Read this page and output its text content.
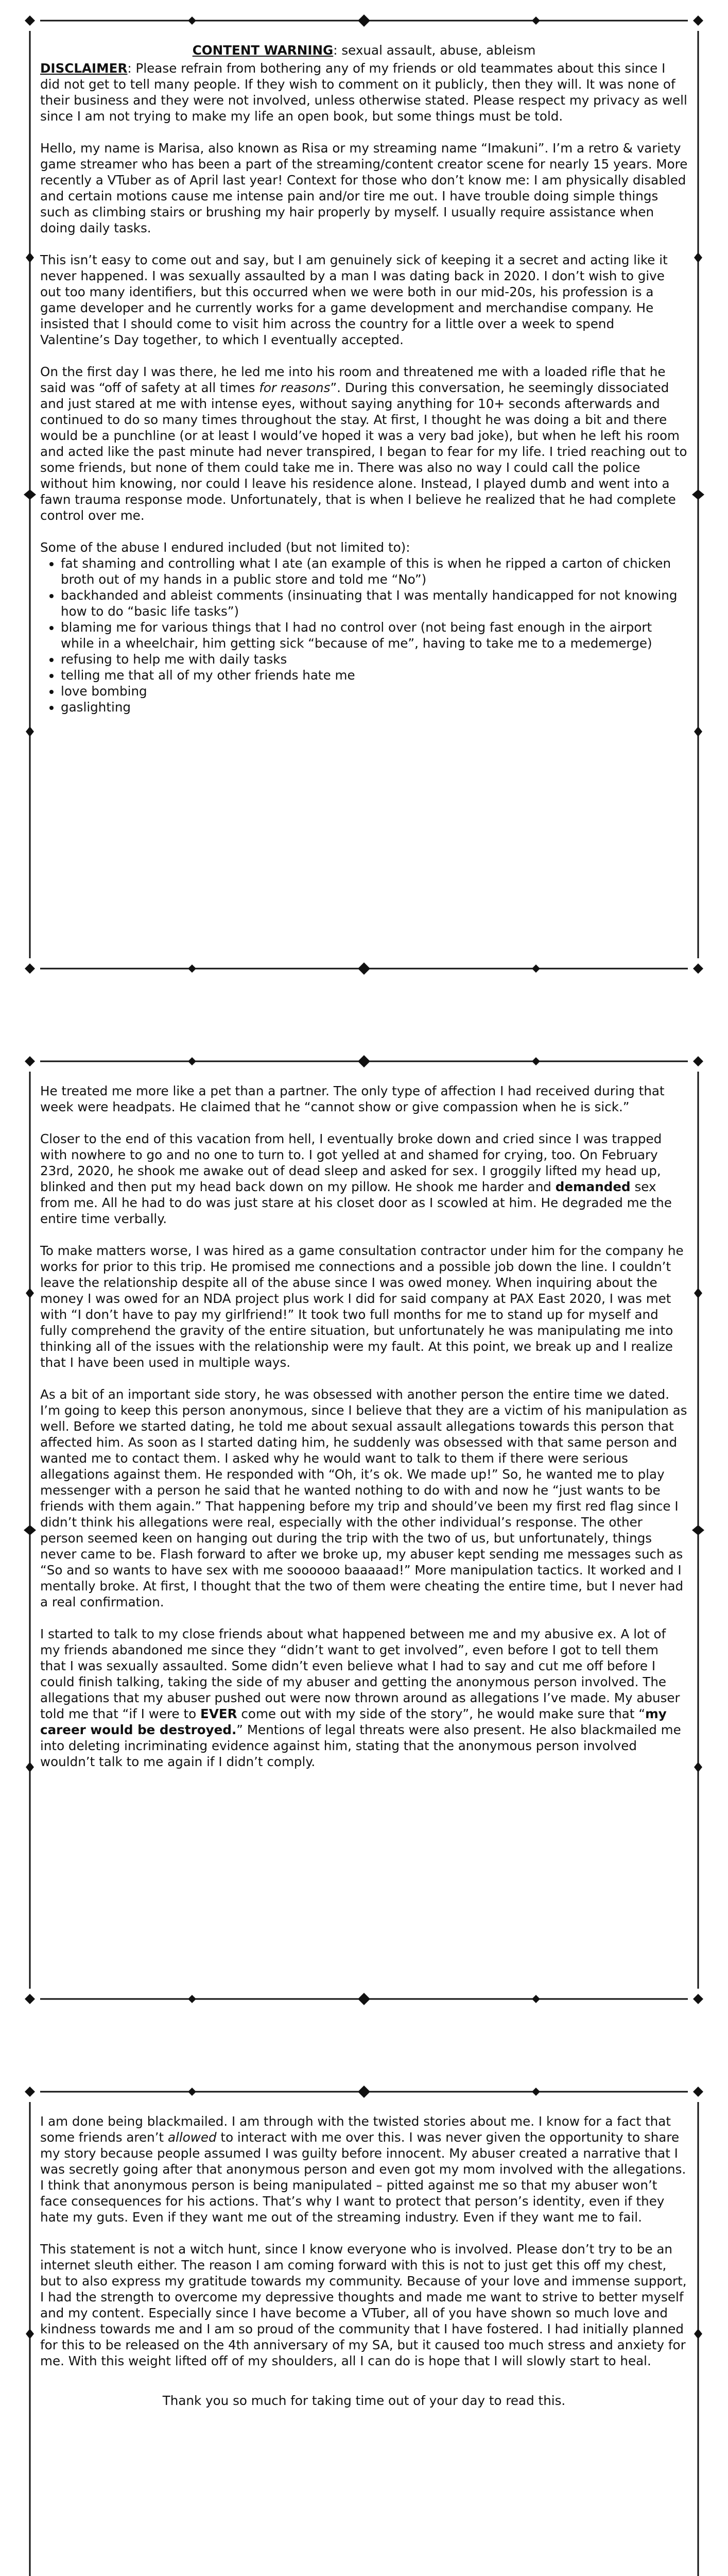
CONTENT WARNING: sexual assault, abuse, ableism

DISCLAIMER: Please refrain from bothering any of my friends or old teammates about this since I did not get to tell many people. If they wish to comment on it publicly, then they will. It was none of their business and they were not involved, unless otherwise stated. Please respect my privacy as well since I am not trying to make my life an open book, but some things must be told.

Hello, my name is Marisa, also known as Risa or my streaming name “Imakuni”. I’m a retro & variety game streamer who has been a part of the streaming/content creator scene for nearly 15 years. More recently a VTuber as of April last year! Context for those who don’t know me: I am physically disabled and certain motions cause me intense pain and/or tire me out. I have trouble doing simple things such as climbing stairs or brushing my hair properly by myself. I usually require assistance when doing daily tasks.

This isn’t easy to come out and say, but I am genuinely sick of keeping it a secret and acting like it never happened. I was sexually assaulted by a man I was dating back in 2020. I don’t wish to give out too many identifiers, but this occurred when we were both in our mid-20s, his profession is a game developer and he currently works for a game development and merchandise company. He insisted that I should come to visit him across the country for a little over a week to spend Valentine’s Day together, to which I eventually accepted.

On the first day I was there, he led me into his room and threatened me with a loaded rifle that he said was “off of safety at all times for reasons”. During this conversation, he seemingly dissociated and just stared at me with intense eyes, without saying anything for 10+ seconds afterwards and continued to do so many times throughout the stay. At first, I thought he was doing a bit and there would be a punchline (or at least I would’ve hoped it was a very bad joke), but when he left his room and acted like the past minute had never transpired, I began to fear for my life. I tried reaching out to some friends, but none of them could take me in. There was also no way I could call the police without him knowing, nor could I leave his residence alone. Instead, I played dumb and went into a fawn trauma response mode. Unfortunately, that is when I believe he realized that he had complete control over me.

Some of the abuse I endured included (but not limited to):
• fat shaming and controlling what I ate (an example of this is when he ripped a carton of chicken broth out of my hands in a public store and told me “No”)
• backhanded and ableist comments (insinuating that I was mentally handicapped for not knowing how to do “basic life tasks”)
• blaming me for various things that I had no control over (not being fast enough in the airport while in a wheelchair, him getting sick “because of me”, having to take me to a medemerge)
• refusing to help me with daily tasks
• telling me that all of my other friends hate me
• love bombing
• gaslighting

He treated me more like a pet than a partner. The only type of affection I had received during that week were headpats. He claimed that he “cannot show or give compassion when he is sick.”

Closer to the end of this vacation from hell, I eventually broke down and cried since I was trapped with nowhere to go and no one to turn to. I got yelled at and shamed for crying, too. On February 23rd, 2020, he shook me awake out of dead sleep and asked for sex. I groggily lifted my head up, blinked and then put my head back down on my pillow. He shook me harder and demanded sex from me. All he had to do was just stare at his closet door as I scowled at him. He degraded me the entire time verbally.

To make matters worse, I was hired as a game consultation contractor under him for the company he works for prior to this trip. He promised me connections and a possible job down the line. I couldn’t leave the relationship despite all of the abuse since I was owed money. When inquiring about the money I was owed for an NDA project plus work I did for said company at PAX East 2020, I was met with “I don’t have to pay my girlfriend!” It took two full months for me to stand up for myself and fully comprehend the gravity of the entire situation, but unfortunately he was manipulating me into thinking all of the issues with the relationship were my fault. At this point, we break up and I realize that I have been used in multiple ways.

As a bit of an important side story, he was obsessed with another person the entire time we dated. I’m going to keep this person anonymous, since I believe that they are a victim of his manipulation as well. Before we started dating, he told me about sexual assault allegations towards this person that affected him. As soon as I started dating him, he suddenly was obsessed with that same person and wanted me to contact them. I asked why he would want to talk to them if there were serious allegations against them. He responded with “Oh, it’s ok. We made up!” So, he wanted me to play messenger with a person he said that he wanted nothing to do with and now he “just wants to be friends with them again.” That happening before my trip and should’ve been my first red flag since I didn’t think his allegations were real, especially with the other individual’s response. The other person seemed keen on hanging out during the trip with the two of us, but unfortunately, things never came to be. Flash forward to after we broke up, my abuser kept sending me messages such as “So and so wants to have sex with me soooooo baaaaad!” More manipulation tactics. It worked and I mentally broke. At first, I thought that the two of them were cheating the entire time, but I never had a real confirmation.

I started to talk to my close friends about what happened between me and my abusive ex. A lot of my friends abandoned me since they “didn’t want to get involved”, even before I got to tell them that I was sexually assaulted. Some didn’t even believe what I had to say and cut me off before I could finish talking, taking the side of my abuser and getting the anonymous person involved. The allegations that my abuser pushed out were now thrown around as allegations I’ve made. My abuser told me that “if I were to EVER come out with my side of the story”, he would make sure that “my career would be destroyed.” Mentions of legal threats were also present. He also blackmailed me into deleting incriminating evidence against him, stating that the anonymous person involved wouldn’t talk to me again if I didn’t comply.

I am done being blackmailed. I am through with the twisted stories about me. I know for a fact that some friends aren’t allowed to interact with me over this. I was never given the opportunity to share my story because people assumed I was guilty before innocent. My abuser created a narrative that I was secretly going after that anonymous person and even got my mom involved with the allegations. I think that anonymous person is being manipulated – pitted against me so that my abuser won’t face consequences for his actions. That’s why I want to protect that person’s identity, even if they hate my guts. Even if they want me out of the streaming industry. Even if they want me to fail.

This statement is not a witch hunt, since I know everyone who is involved. Please don’t try to be an internet sleuth either. The reason I am coming forward with this is not to just get this off my chest, but to also express my gratitude towards my community. Because of your love and immense support, I had the strength to overcome my depressive thoughts and made me want to strive to better myself and my content. Especially since I have become a VTuber, all of you have shown so much love and kindness towards me and I am so proud of the community that I have fostered. I had initially planned for this to be released on the 4th anniversary of my SA, but it caused too much stress and anxiety for me. With this weight lifted off of my shoulders, all I can do is hope that I will slowly start to heal.

Thank you so much for taking time out of your day to read this.
